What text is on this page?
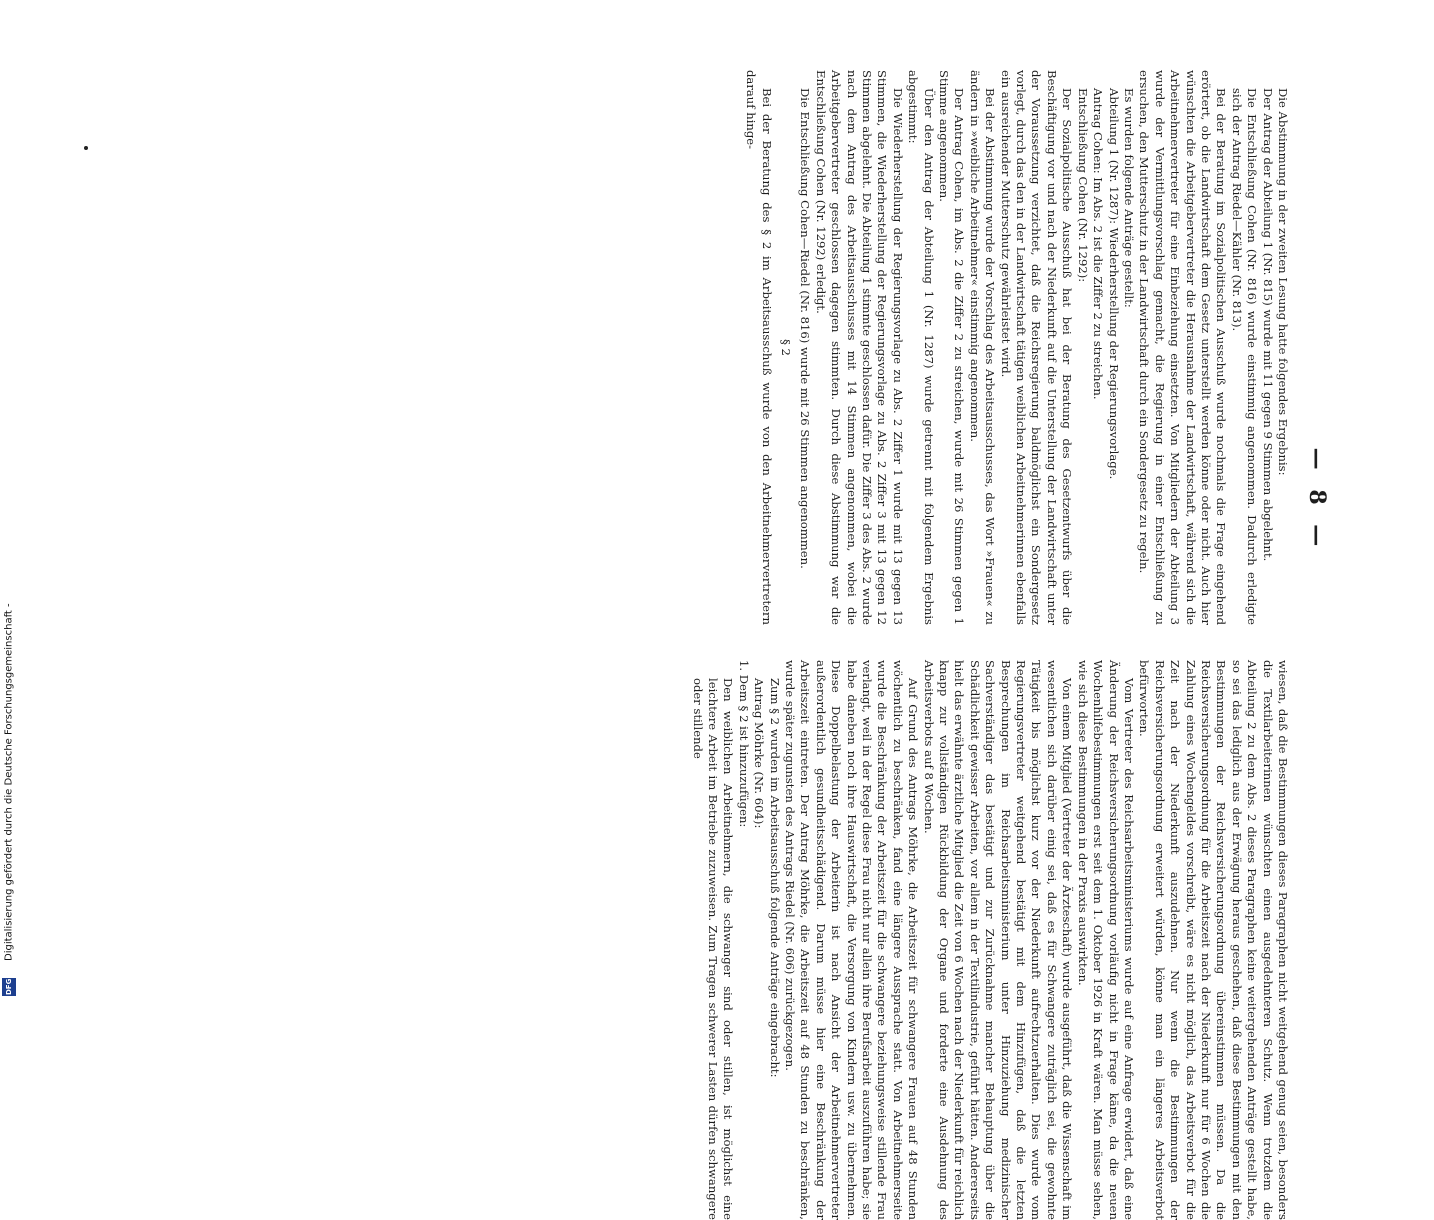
Digitalisierung gefördert durch die Deutsche Forschungsgemeinschaft -
DFG
— 8 —

Die Abstimmung in der zweiten Lesung hatte folgendes Ergebnis:

Der Antrag der Abteilung 1 (Nr. 815) wurde mit 11 gegen 9 Stimmen abgelehnt.

Die Entschließung Cohen (Nr. 816) wurde einstimmig angenommen. Dadurch erledigte sich der Antrag Riedel—Kähler (Nr. 813).

Bei der Beratung im Sozialpolitischen Ausschuß wurde nochmals die Frage eingehend erörtert, ob die Landwirtschaft dem Gesetz unterstellt werden könne oder nicht. Auch hier wünschten die Arbeitgebervertreter die Herausnahme der Landwirtschaft, während sich die Arbeitnehmervertreter für eine Einbeziehung einsetzten. Von Mitgliedern der Abteilung 3 wurde der Vermittlungsvorschlag gemacht, die Regierung in einer Entschließung zu ersuchen, den Mutterschutz in der Landwirtschaft durch ein Sondergesetz zu regeln.

Es wurden folgende Anträge gestellt:

Abteilung 1 (Nr. 1287): Wiederherstellung der Regierungsvorlage.

Antrag Cohen: Im Abs. 2 ist die Ziffer 2 zu streichen.

Entschließung Cohen (Nr. 1292):

Der Sozialpolitische Ausschuß hat bei der Beratung des Gesetzentwurfs über die Beschäftigung vor und nach der Niederkunft auf die Unterstellung der Landwirtschaft unter der Voraussetzung verzichtet, daß die Reichsregierung baldmöglichst ein Sondergesetz vorlegt, durch das den in der Landwirtschaft tätigen weiblichen Arbeitnehmerinnen ebenfalls ein ausreichender Mutterschutz gewährleistet wird.

Bei der Abstimmung wurde der Vorschlag des Arbeitsausschusses, das Wort »Frauen« zu ändern in »weibliche Arbeitnehmer« einstimmig angenommen.

Der Antrag Cohen, im Abs. 2 die Ziffer 2 zu streichen, wurde mit 26 Stimmen gegen 1 Stimme angenommen.

Über den Antrag der Abteilung 1 (Nr. 1287) wurde getrennt mit folgendem Ergebnis abgestimmt:

Die Wiederherstellung der Regierungsvorlage zu Abs. 2 Ziffer 1 wurde mit 13 gegen 13 Stimmen, die Wiederherstellung der Regierungsvorlage zu Abs. 2 Ziffer 3 mit 13 gegen 12 Stimmen abgelehnt. Die Abteilung 1 stimmte geschlossen dafür. Die Ziffer 3 des Abs. 2 wurde nach dem Antrag des Arbeitsausschusses mit 14 Stimmen angenommen, wobei die Arbeitgebervertreter geschlossen dagegen stimmten. Durch diese Abstimmung war die Entschließung Cohen (Nr. 1292) erledigt.

Die Entschließung Cohen—Riedel (Nr. 816) wurde mit 26 Stimmen angenommen.

§ 2

Bei der Beratung des § 2 im Arbeitsausschuß wurde von den Arbeitnehmervertretern darauf hinge-

wiesen, daß die Bestimmungen dieses Paragraphen nicht weitgehend genug seien, besonders die Textilarbeiterinnen wünschten einen ausgedehnteren Schutz. Wenn trotzdem die Abteilung 2 zu dem Abs. 2 dieses Paragraphen keine weitergehenden Anträge gestellt habe, so sei das lediglich aus der Erwägung heraus geschehen, daß diese Bestimmungen mit den Bestimmungen der Reichsversicherungsordnung übereinstimmen müssen. Da die Reichsversicherungsordnung für die Arbeitszeit nach der Niederkunft nur für 6 Wochen die Zahlung eines Wochengeldes vorschreibt, wäre es nicht möglich, das Arbeitsverbot für die Zeit nach der Niederkunft auszudehnen. Nur wenn die Bestimmungen der Reichsversicherungsordnung erweitert würden, könne man ein längeres Arbeitsverbot befürworten.

Vom Vertreter des Reichsarbeitsministeriums wurde auf eine Anfrage erwidert, daß eine Änderung der Reichsversicherungsordnung vorläufig nicht in Frage käme, da die neuen Wochenhilfebestimmungen erst seit dem 1. Oktober 1926 in Kraft wären. Man müsse sehen, wie sich diese Bestimmungen in der Praxis auswirkten.

Von einem Mitglied (Vertreter der Ärzteschaft) wurde ausgeführt, daß die Wissenschaft im wesentlichen sich darüber einig sei, daß es für Schwangere zuträglich sei, die gewohnte Tätigkeit bis möglichst kurz vor der Niederkunft aufrechtzuerhalten. Dies wurde vom Regierungsvertreter weitgehend bestätigt mit dem Hinzufügen, daß die letzten Besprechungen im Reichsarbeitsministerium unter Hinzuziehung medizinischer Sachverständiger das bestätigt und zur Zurücknahme mancher Behauptung über die Schädlichkeit gewisser Arbeiten, vor allem in der Textilindustrie, geführt hätten. Andererseits hielt das erwähnte ärztliche Mitglied die Zeit von 6 Wochen nach der Niederkunft für reichlich knapp zur vollständigen Rückbildung der Organe und forderte eine Ausdehnung des Arbeitsverbots auf 8 Wochen.

Auf Grund des Antrags Möhrke, die Arbeitszeit für schwangere Frauen auf 48 Stunden wöchentlich zu beschränken, fand eine längere Aussprache statt. Von Arbeitnehmerseite wurde die Beschränkung der Arbeitszeit für die schwangere beziehungsweise stillende Frau verlangt, weil in der Regel diese Frau nicht nur allein ihre Berufsarbeit auszuführen habe; sie habe daneben noch ihre Hauswirtschaft, die Versorgung von Kindern usw. zu übernehmen. Diese Doppelbelastung der Arbeiterin ist nach Ansicht der Arbeitnehmervertreter außerordentlich gesundheitsschädigend. Darum müsse hier eine Beschränkung der Arbeitszeit eintreten. Der Antrag Möhrke, die Arbeitszeit auf 48 Stunden zu beschränken, wurde später zugunsten des Antrags Riedel (Nr. 606) zurückgezogen.

Zum § 2 wurden im Arbeitsausschuß folgende Anträge eingebracht:

Antrag Möhrke (Nr. 604):

1. Dem § 2 ist hinzuzufügen:

Den weiblichen Arbeitnehmern, die schwanger sind oder stillen, ist möglichst eine leichtere Arbeit im Betriebe zuzuweisen. Zum Tragen schwerer Lasten dürfen schwangere oder stillende
